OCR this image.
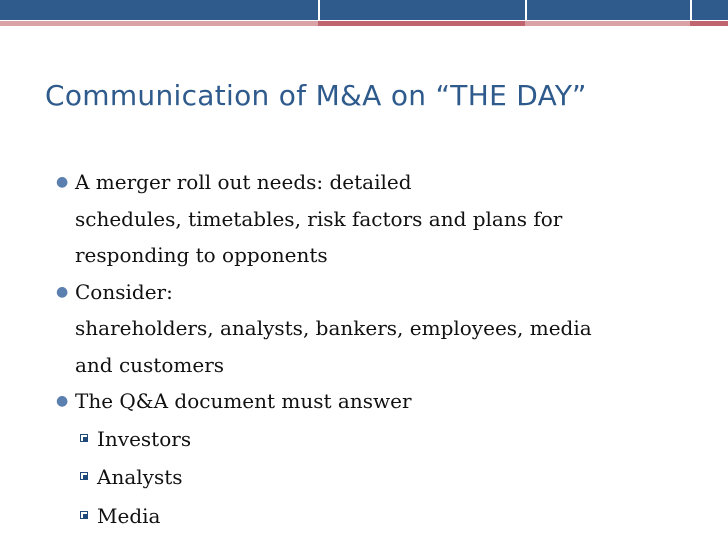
Communication of M&A on “THE DAY”
● A merger roll out needs: detailed
schedules, timetables, risk factors and plans for
responding to opponents
● Consider:
shareholders, analysts, bankers, employees, media
and customers
● The Q&A document must answer
Investors
Analysts
Media
